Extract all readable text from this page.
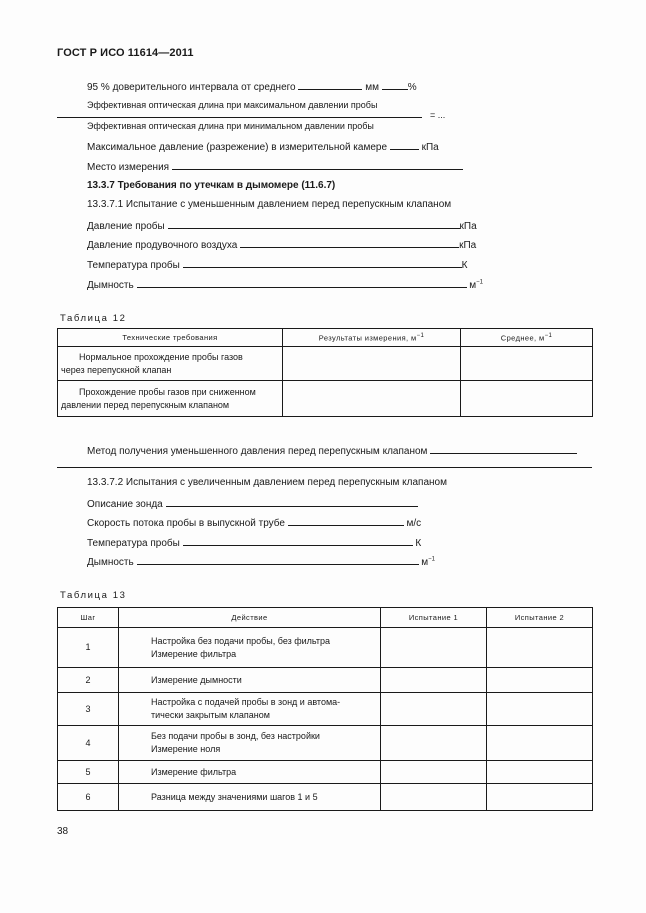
ГОСТ Р ИСО 11614—2011
95 % доверительного интервала от среднего	мм	%
Эффективная оптическая длина при максимальном давлении пробы
= ...
Эффективная оптическая длина при минимальном давлении пробы
Максимальное давление (разрежение) в измерительной камере	кПа
Место измерения
13.3.7 Требования по утечкам в дымомере (11.6.7)
13.3.7.1 Испытание с уменьшенным давлением перед перепускным клапаном
Давление пробы	кПа
Давление продувочного воздуха	кПа
Температура пробы	К
Дымность	$м^{-1}$
Таблица 12
Технические требования	Результаты измерения, $м^{-1}$	Среднее, $м^{-1}$

Нормальное прохождение пробы газов
через перепускной клапан		

Прохождение пробы газов при сниженном
давлении перед перепускным клапаном		

Метод получения уменьшенного давления перед перепускным клапаном
13.3.7.2 Испытания с увеличенным давлением перед перепускным клапаном
Описание зонда
Скорость потока пробы в выпускной трубе	м/с
Температура пробы	К
Дымность	$м^{-1}$
Таблица 13
Шаг	Действие	Испытание 1	Испытание 2
1	Настройка без подачи пробы, без фильтра
Измерение фильтра		

2	Измерение дымности		

3	Настройка с подачей пробы в зонд и автома-
тически закрытым клапаном		

4	Без подачи пробы в зонд, без настройки
Измерение ноля		

5	Измерение фильтра		

6	Разница между значениями шагов 1 и 5		

38
